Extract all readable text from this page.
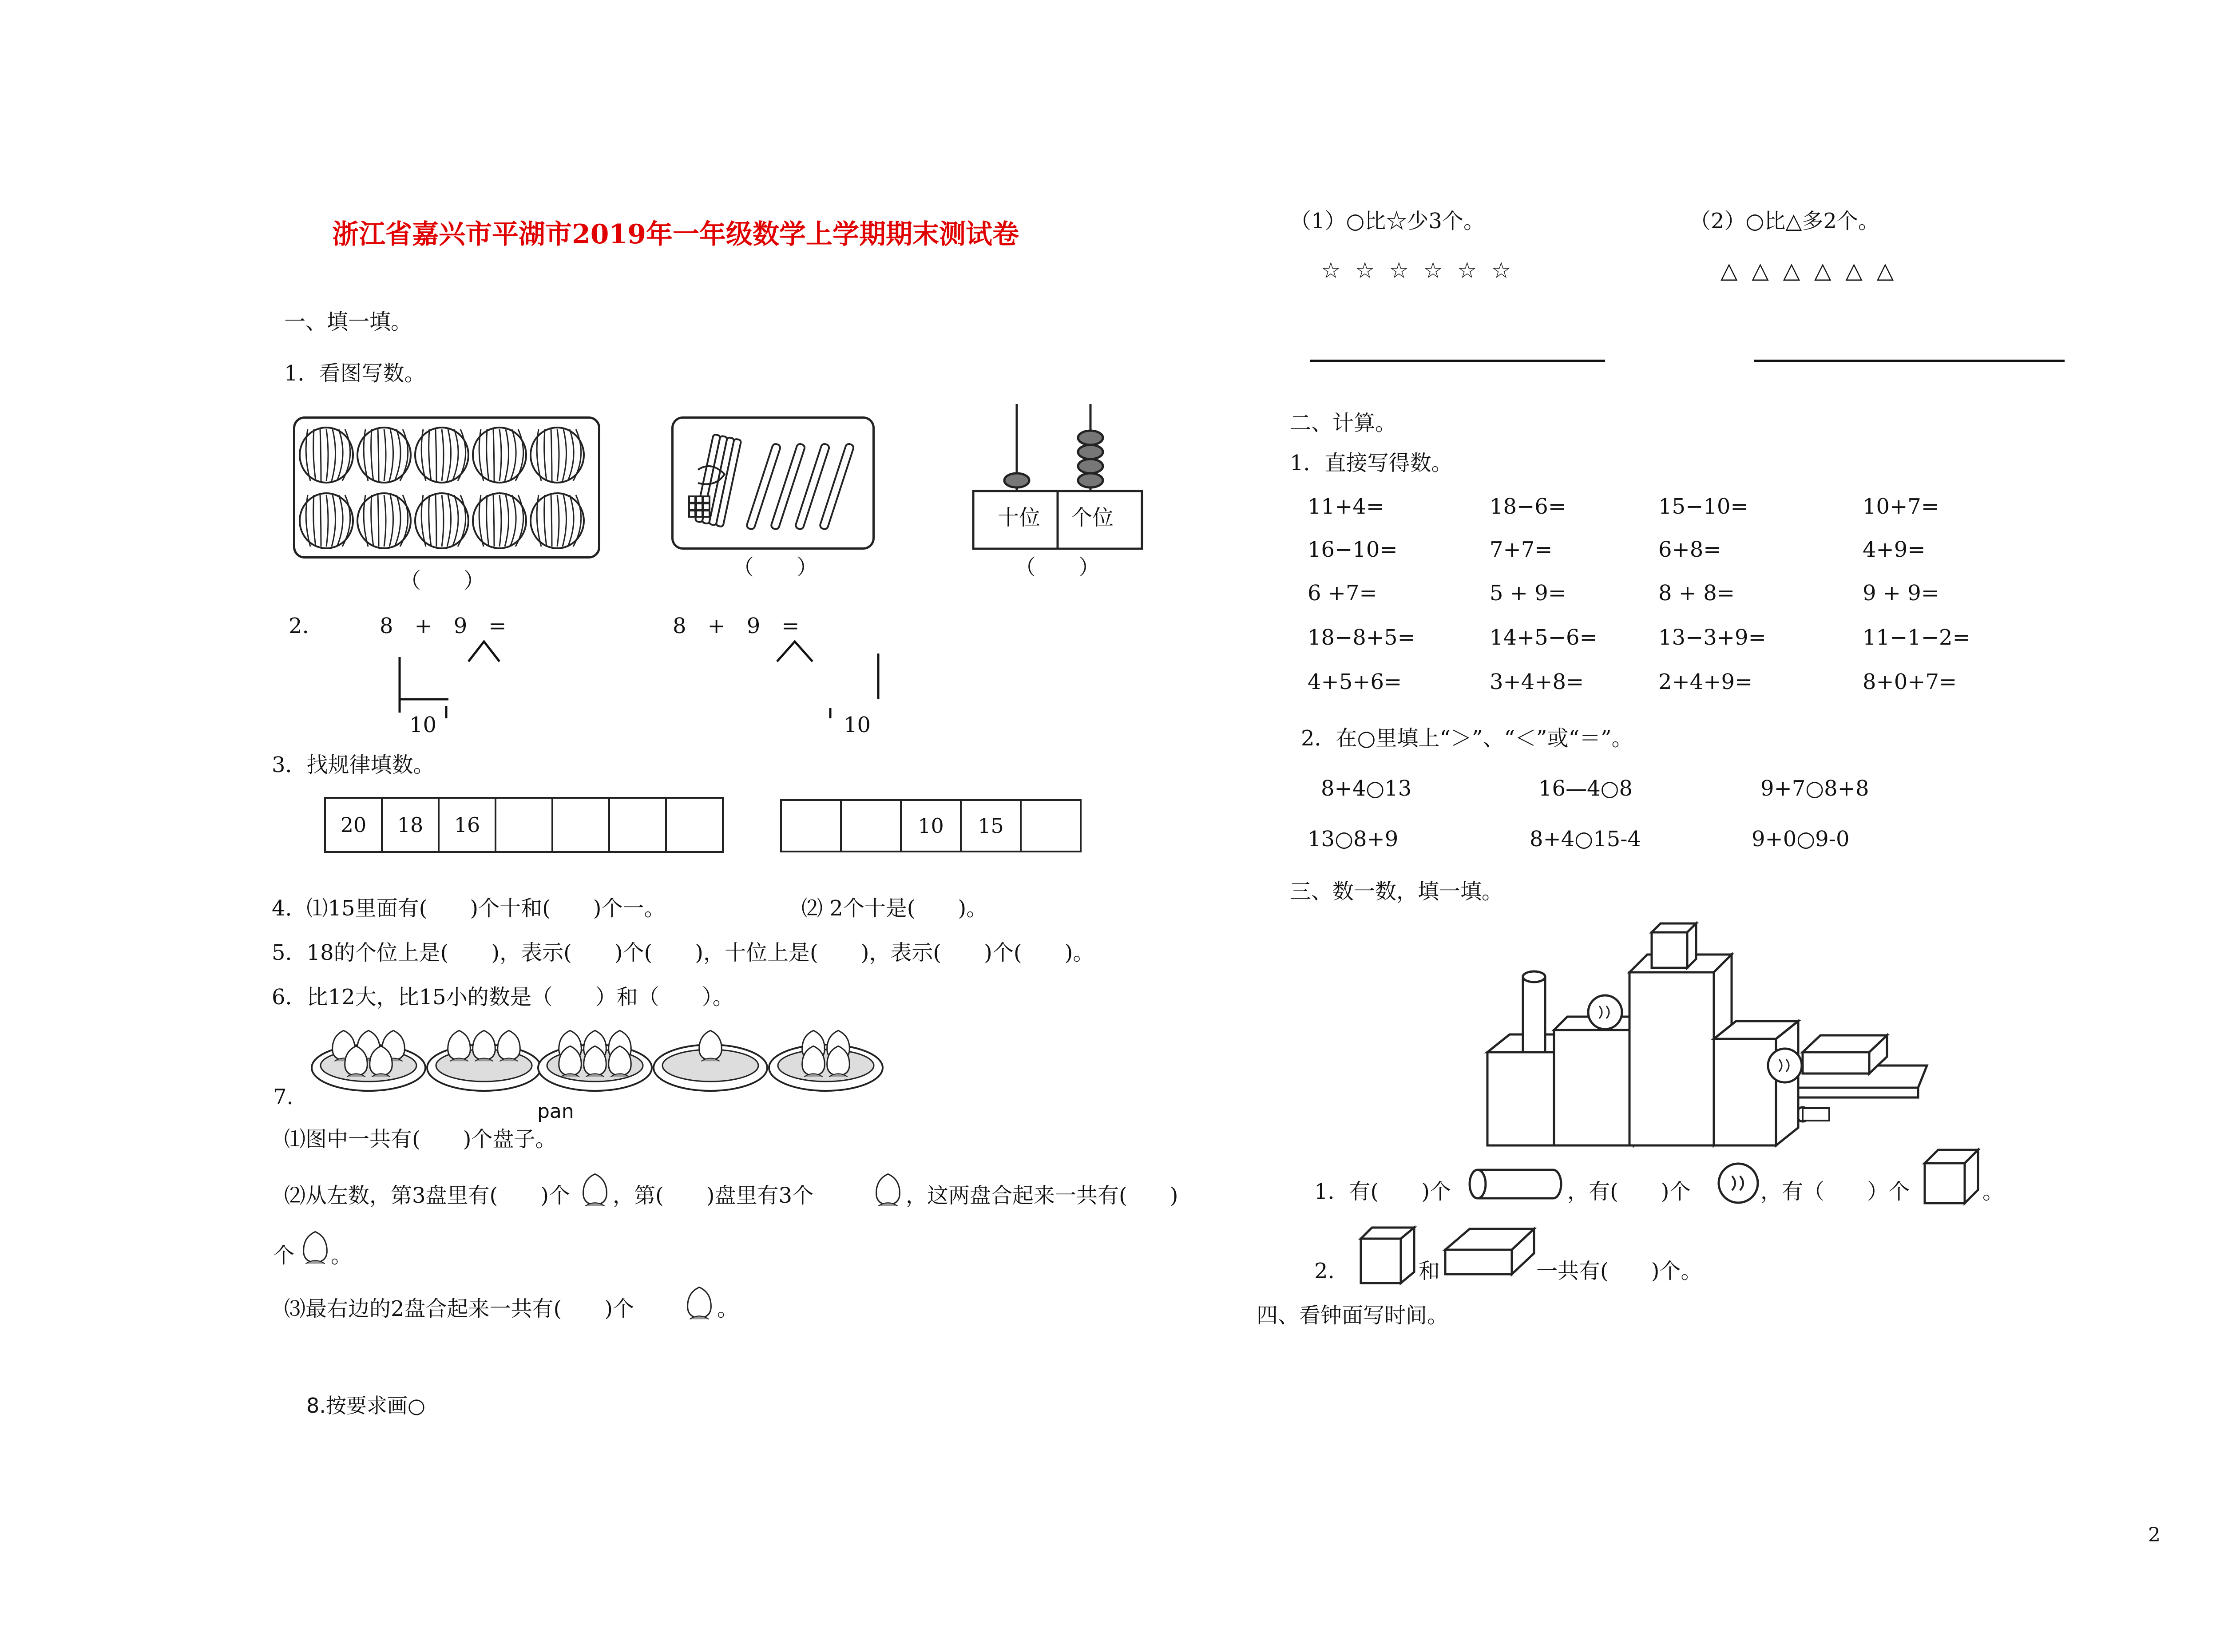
浙江省嘉兴市平湖市2019年一年级数学上学期期末测试卷
一、填一填。
1．看图写数。
（　　）
（　　）
十位 个位
（　　）
2.	8　+　9　=	8　+　9　=
10	10
3．找规律填数。
4．⑴15里面有(　　)个十和(　　)个一。	⑵ 2个十是(　　)。
5．18的个位上是(　　)，表示(　　)个(　　)，十位上是(　　)，表示(　　)个(　　)。
6．比12大，比15小的数是（　　）和（　　）。
7.
pan
⑴图中一共有(　　)个盘子。
⑵从左数，第3盘里有(　　)个 ，第(　　)盘里有3个	，这两盘合起来一共有(　　)
个 。
⑶最右边的2盘合起来一共有(　　)个	。
8.按要求画○
（1）○比☆少3个。	（2）○比△多2个。
☆ ☆ ☆ ☆ ☆ ☆	△ △ △ △ △ △
二、计算。
1．直接写得数。
2．在○里填上“＞”、“＜”或“＝”。
三、数一数，填一填。
1．有(　　)个	，有(　　)个	，有（　　）个	。
2.	和	一共有(　　)个。
四、看钟面写时间。
2
20	18	16	10	15
11+4=	18−6=	15−10=	10+7=
16−10=	7+7=	6+8=	4+9=
6 +7=	5 + 9=	8 + 8=	9 + 9=
18−8+5=	14+5−6=	13−3+9=	11−1−2=
4+5+6=	3+4+8=	2+4+9=	8+0+7=
8+4○13	16—4○8	9+7○8+8
13○8+9	8+4○15-4	9+0○9-0
